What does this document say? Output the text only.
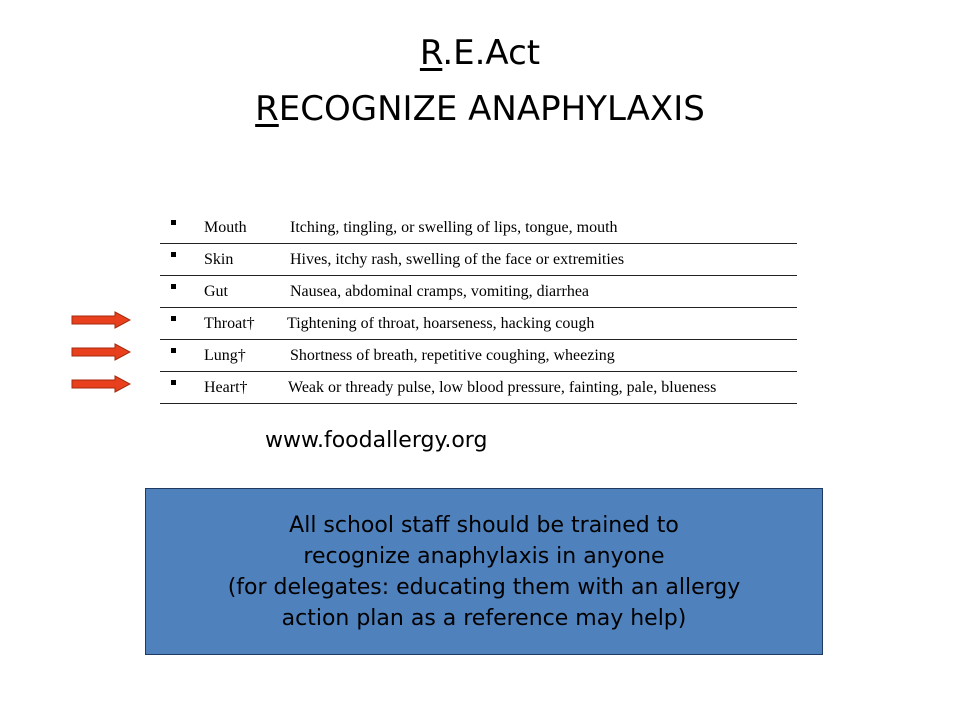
R.E.Act
RECOGNIZE ANAPHYLAXIS
Mouth	Itching, tingling, or swelling of lips, tongue, mouth
Skin	Hives, itchy rash, swelling of the face or extremities
Gut	Nausea, abdominal cramps, vomiting, diarrhea
Throat† Tightening of throat, hoarseness, hacking cough
Lung†	Shortness of breath, repetitive coughing, wheezing
Heart†	Weak or thready pulse, low blood pressure, fainting, pale, blueness
www.foodallergy.org
All school staff should be trained to
recognize anaphylaxis in anyone
(for delegates: educating them with an allergy
action plan as a reference may help)
